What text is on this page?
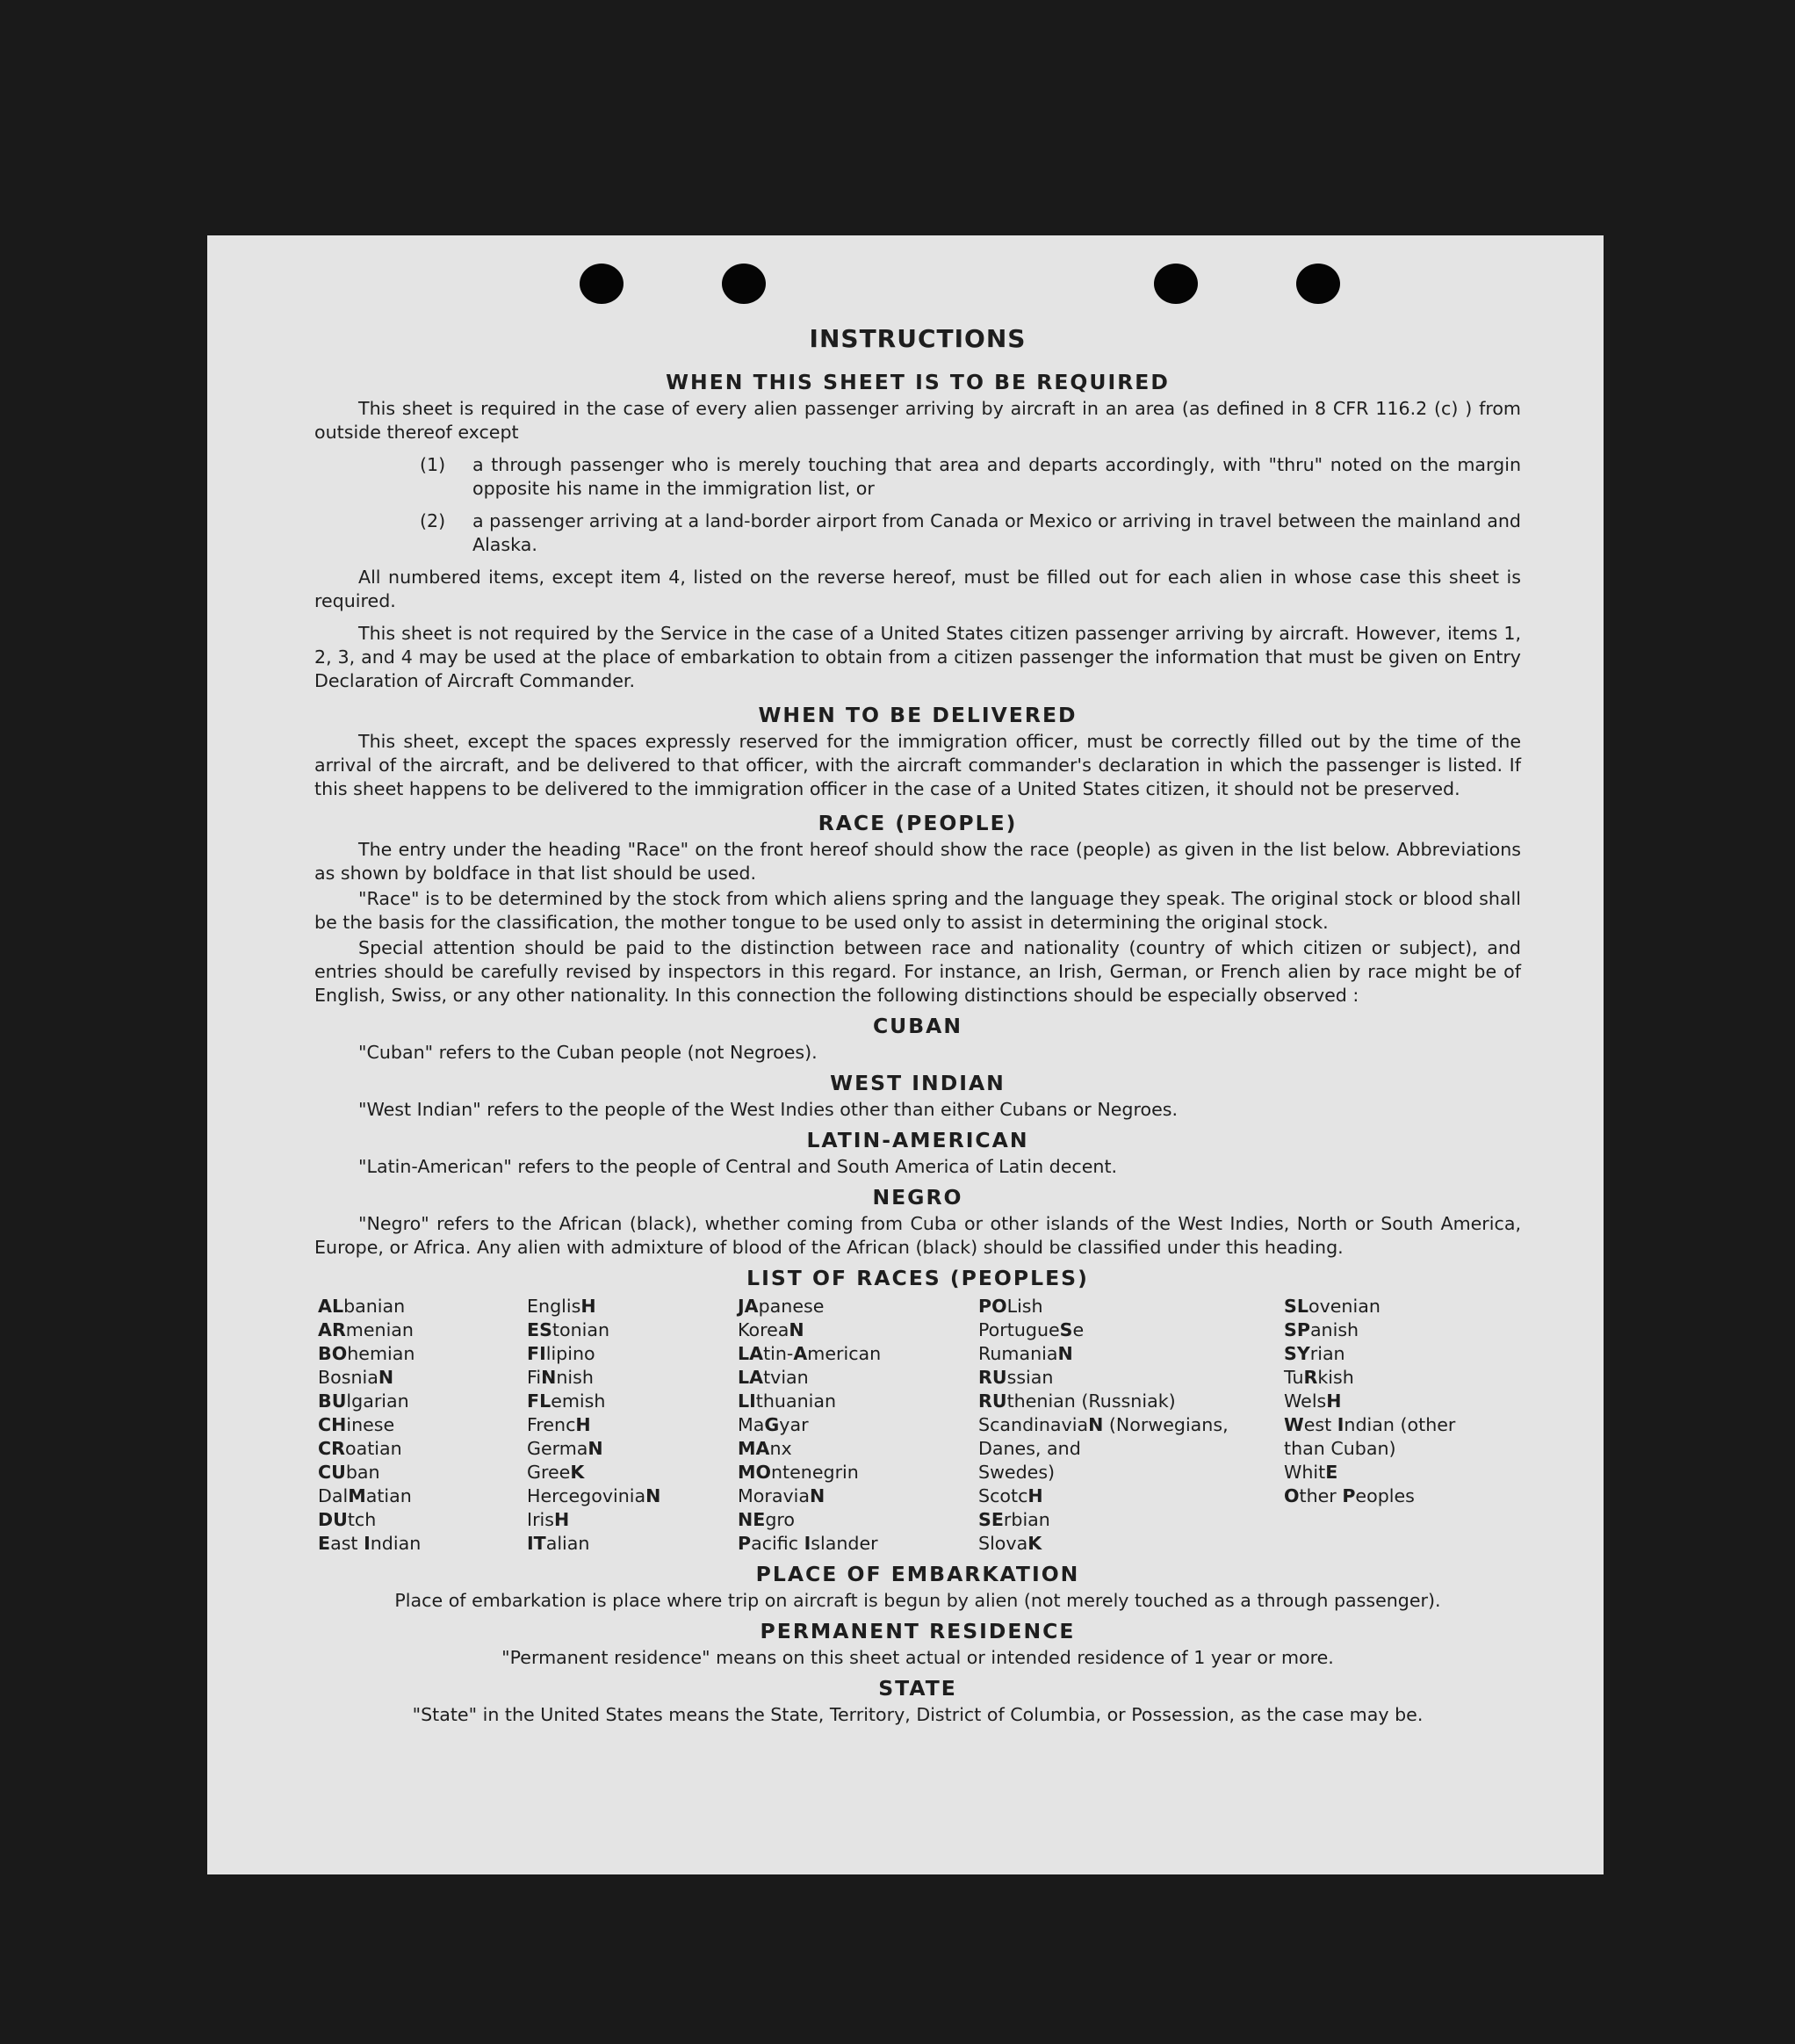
INSTRUCTIONS
WHEN THIS SHEET IS TO BE REQUIRED
This sheet is required in the case of every alien passenger arriving by aircraft in an area (as defined in 8 CFR 116.2 (c) ) from outside thereof except
(1)	a through passenger who is merely touching that area and departs accordingly, with "thru" noted on the margin opposite his name in the immigration list, or
(2)	a passenger arriving at a land-border airport from Canada or Mexico or arriving in travel between the mainland and Alaska.
All numbered items, except item 4, listed on the reverse hereof, must be filled out for each alien in whose case this sheet is required.
This sheet is not required by the Service in the case of a United States citizen passenger arriving by aircraft. However, items 1, 2, 3, and 4 may be used at the place of embarkation to obtain from a citizen passenger the information that must be given on Entry Declaration of Aircraft Commander.
WHEN TO BE DELIVERED
This sheet, except the spaces expressly reserved for the immigration officer, must be correctly filled out by the time of the arrival of the aircraft, and be delivered to that officer, with the aircraft commander's declaration in which the passenger is listed. If this sheet happens to be delivered to the immigration officer in the case of a United States citizen, it should not be preserved.
RACE (PEOPLE)
The entry under the heading "Race" on the front hereof should show the race (people) as given in the list below. Abbreviations as shown by boldface in that list should be used.
"Race" is to be determined by the stock from which aliens spring and the language they speak. The original stock or blood shall be the basis for the classification, the mother tongue to be used only to assist in determining the original stock.
Special attention should be paid to the distinction between race and nationality (country of which citizen or subject), and entries should be carefully revised by inspectors in this regard. For instance, an Irish, German, or French alien by race might be of English, Swiss, or any other nationality. In this connection the following distinctions should be especially observed :
CUBAN
"Cuban" refers to the Cuban people (not Negroes).
WEST INDIAN
"West Indian" refers to the people of the West Indies other than either Cubans or Negroes.
LATIN-AMERICAN
"Latin-American" refers to the people of Central and South America of Latin decent.
NEGRO
"Negro" refers to the African (black), whether coming from Cuba or other islands of the West Indies, North or South America, Europe, or Africa. Any alien with admixture of blood of the African (black) should be classified under this heading.
LIST OF RACES (PEOPLES)
ALbanian
ARmenian
BOhemian
BosniaN
BUlgarian
CHinese
CRoatian
CUban
DalMatian
DUtch
East Indian
EnglisH
EStonian
FIlipino
FiNnish
FLemish
FrencH
GermaN
GreeK
HercegoviniaN
IrisH
ITalian
JApanese
KoreaN
LAtin-American
LAtvian
LIthuanian
MaGyar
MAnx
MOntenegrin
MoraviaN
NEgro
Pacific Islander
POLish
PortugueSe
RumaniaN
RUssian
RUthenian (Russniak)
ScandinaviaN (Norwegians,
Danes, and
Swedes)
ScotcH
SErbian
SlovaK
SLovenian
SPanish
SYrian
TuRkish
WelsH
West Indian (other
than Cuban)
WhitE
Other Peoples
PLACE OF EMBARKATION
Place of embarkation is place where trip on aircraft is begun by alien (not merely touched as a through passenger).
PERMANENT RESIDENCE
"Permanent residence" means on this sheet actual or intended residence of 1 year or more.
STATE
"State" in the United States means the State, Territory, District of Columbia, or Possession, as the case may be.
